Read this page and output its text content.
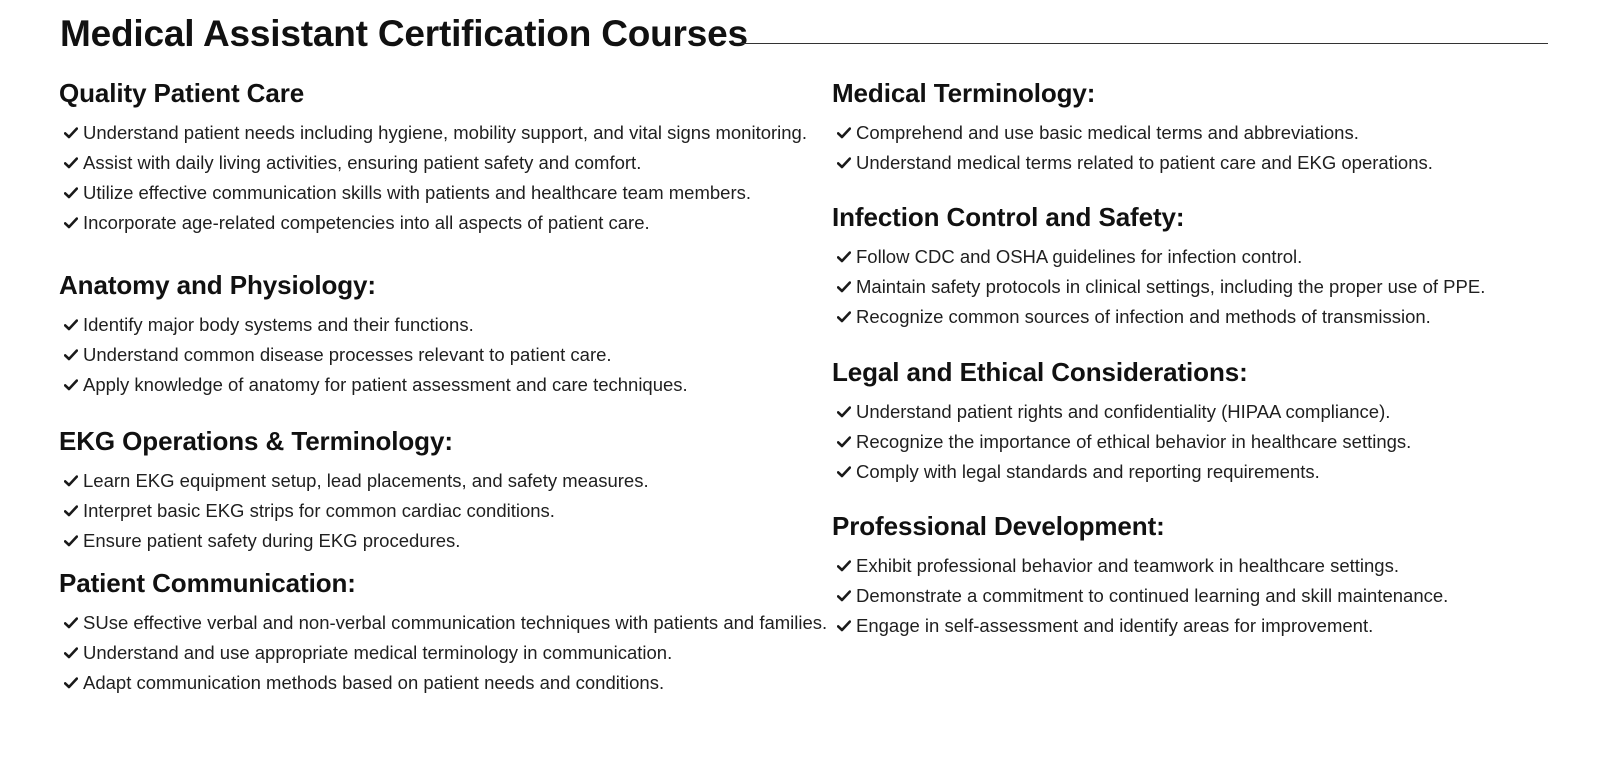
Medical Assistant Certification Courses
Quality Patient Care
Understand patient needs including hygiene, mobility support, and vital signs monitoring.
Assist with daily living activities, ensuring patient safety and comfort.
Utilize effective communication skills with patients and healthcare team members.
Incorporate age-related competencies into all aspects of patient care.
Anatomy and Physiology:
Identify major body systems and their functions.
Understand common disease processes relevant to patient care.
Apply knowledge of anatomy for patient assessment and care techniques.
EKG Operations & Terminology:
Learn EKG equipment setup, lead placements, and safety measures.
Interpret basic EKG strips for common cardiac conditions.
Ensure patient safety during EKG procedures.
Patient Communication:
SUse effective verbal and non-verbal communication techniques with patients and families.
Understand and use appropriate medical terminology in communication.
Adapt communication methods based on patient needs and conditions.
Medical Terminology:
Comprehend and use basic medical terms and abbreviations.
Understand medical terms related to patient care and EKG operations.
Infection Control and Safety:
Follow CDC and OSHA guidelines for infection control.
Maintain safety protocols in clinical settings, including the proper use of PPE.
Recognize common sources of infection and methods of transmission.
Legal and Ethical Considerations:
Understand patient rights and confidentiality (HIPAA compliance).
Recognize the importance of ethical behavior in healthcare settings.
Comply with legal standards and reporting requirements.
Professional Development:
Exhibit professional behavior and teamwork in healthcare settings.
Demonstrate a commitment to continued learning and skill maintenance.
Engage in self-assessment and identify areas for improvement.
